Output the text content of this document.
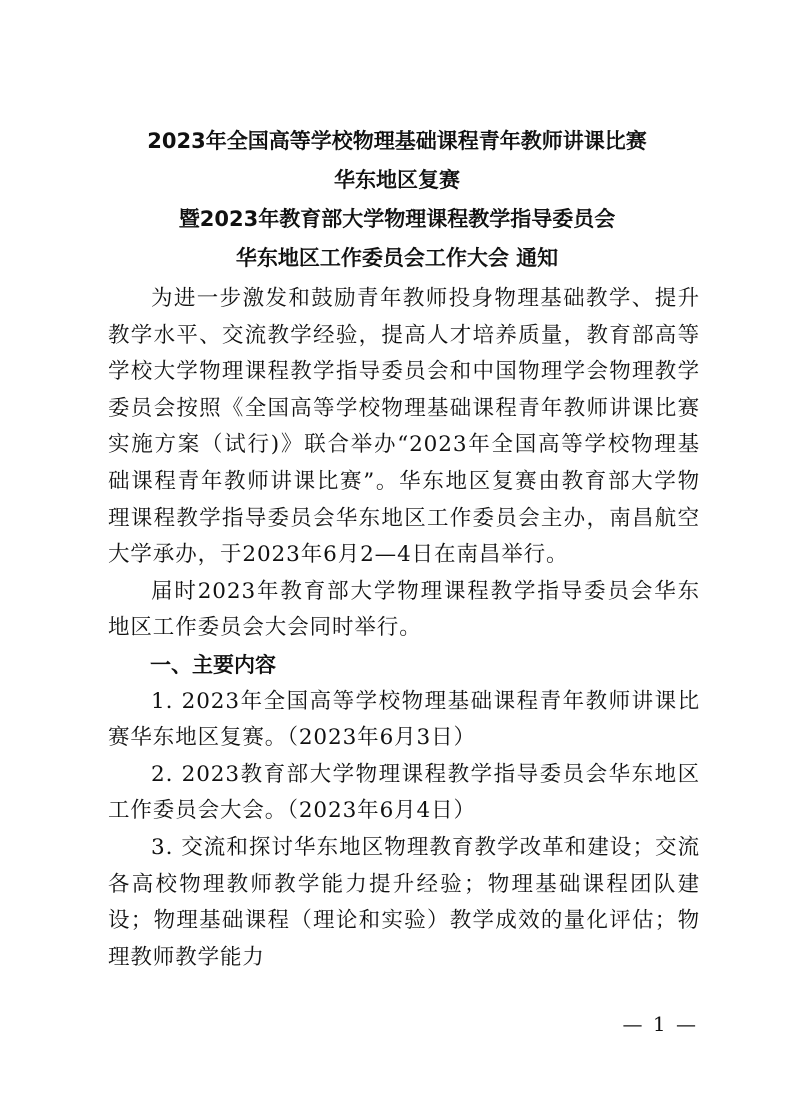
2023年全国高等学校物理基础课程青年教师讲课比赛
华东地区复赛
暨2023年教育部大学物理课程教学指导委员会
华东地区工作委员会工作大会 通知

为进一步激发和鼓励青年教师投身物理基础教学、提升教学水平、交流教学经验，提高人才培养质量，教育部高等学校大学物理课程教学指导委员会和中国物理学会物理教学委员会按照《全国高等学校物理基础课程青年教师讲课比赛实施方案（试行)》联合举办“2023年全国高等学校物理基础课程青年教师讲课比赛”。华东地区复赛由教育部大学物理课程教学指导委员会华东地区工作委员会主办，南昌航空大学承办，于2023年6月2—4日在南昌举行。

届时2023年教育部大学物理课程教学指导委员会华东地区工作委员会大会同时举行。

一、主要内容

1. 2023年全国高等学校物理基础课程青年教师讲课比赛华东地区复赛。（2023年6月3日）

2. 2023教育部大学物理课程教学指导委员会华东地区工作委员会大会。（2023年6月4日）

3. 交流和探讨华东地区物理教育教学改革和建设；交流各高校物理教师教学能力提升经验；物理基础课程团队建设；物理基础课程（理论和实验）教学成效的量化评估；物理教师教学能力

— 1 —
